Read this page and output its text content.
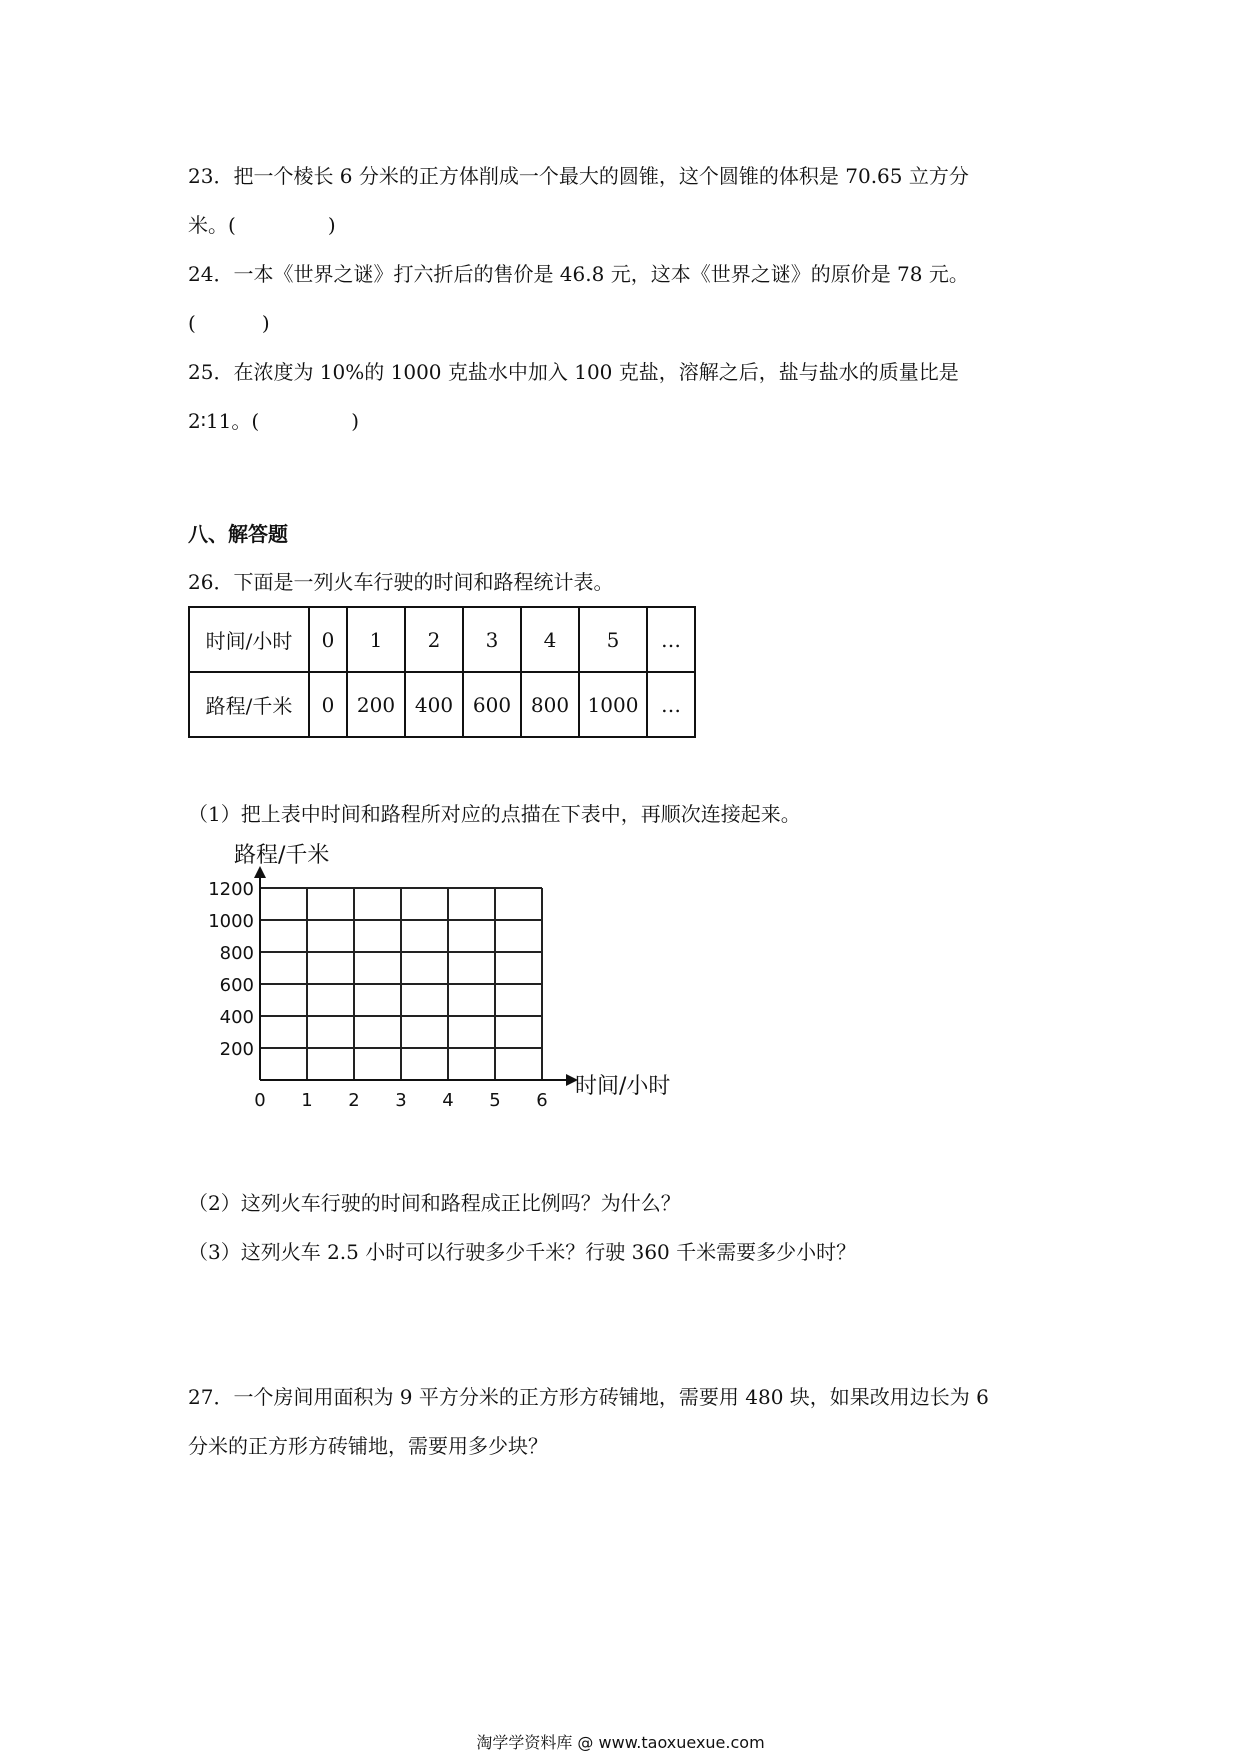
23．把一个棱长 6 分米的正方体削成一个最大的圆锥，这个圆锥的体积是 70.65 立方分
米。(	)
24．一本《世界之谜》打六折后的售价是 46.8 元，这本《世界之谜》的原价是 78 元。
(	)
25．在浓度为 10%的 1000 克盐水中加入 100 克盐，溶解之后，盐与盐水的质量比是
2∶11。(	)
八、解答题
26．下面是一列火车行驶的时间和路程统计表。
时间/小时	0	1	2	3	4	5	…
路程/千米	0	200	400	600	800	1000	…
（1）把上表中时间和路程所对应的点描在下表中，再顺次连接起来。
0 1 2 3 4 5 6
200
400
600
800
1000
1200
路程/千米
时间/小时
（2）这列火车行驶的时间和路程成正比例吗？为什么？
（3）这列火车 2.5 小时可以行驶多少千米？行驶 360 千米需要多少小时？
27．一个房间用面积为 9 平方分米的正方形方砖铺地，需要用 480 块，如果改用边长为 6
分米的正方形方砖铺地，需要用多少块？
淘学学资料库 @ www.taoxuexue.com
